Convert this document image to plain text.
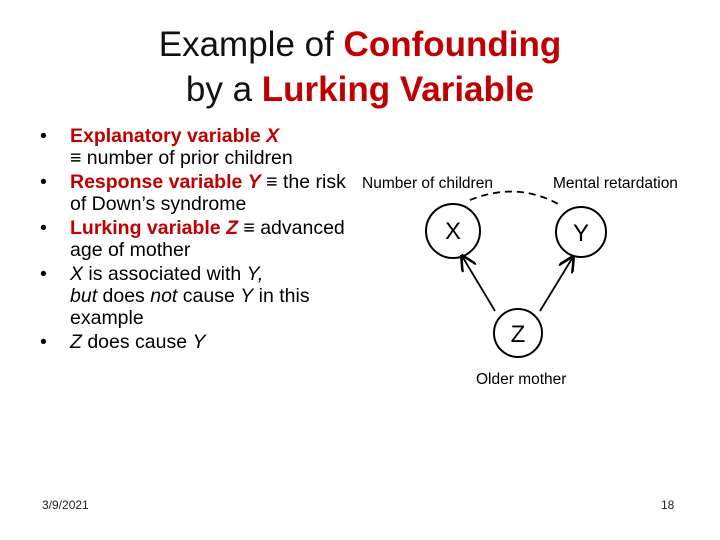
Example of Confounding
by a Lurking Variable
• Explanatory variable X
≡ number of prior children
• Response variable Y ≡ the risk of Down’s syndrome
• Lurking variable Z ≡ advanced age of mother
• X is associated with Y,
but does not cause Y in this example
• Z does cause Y
Number of children	Mental retardation
Older mother
X	Y
Z
3/9/2021	18
